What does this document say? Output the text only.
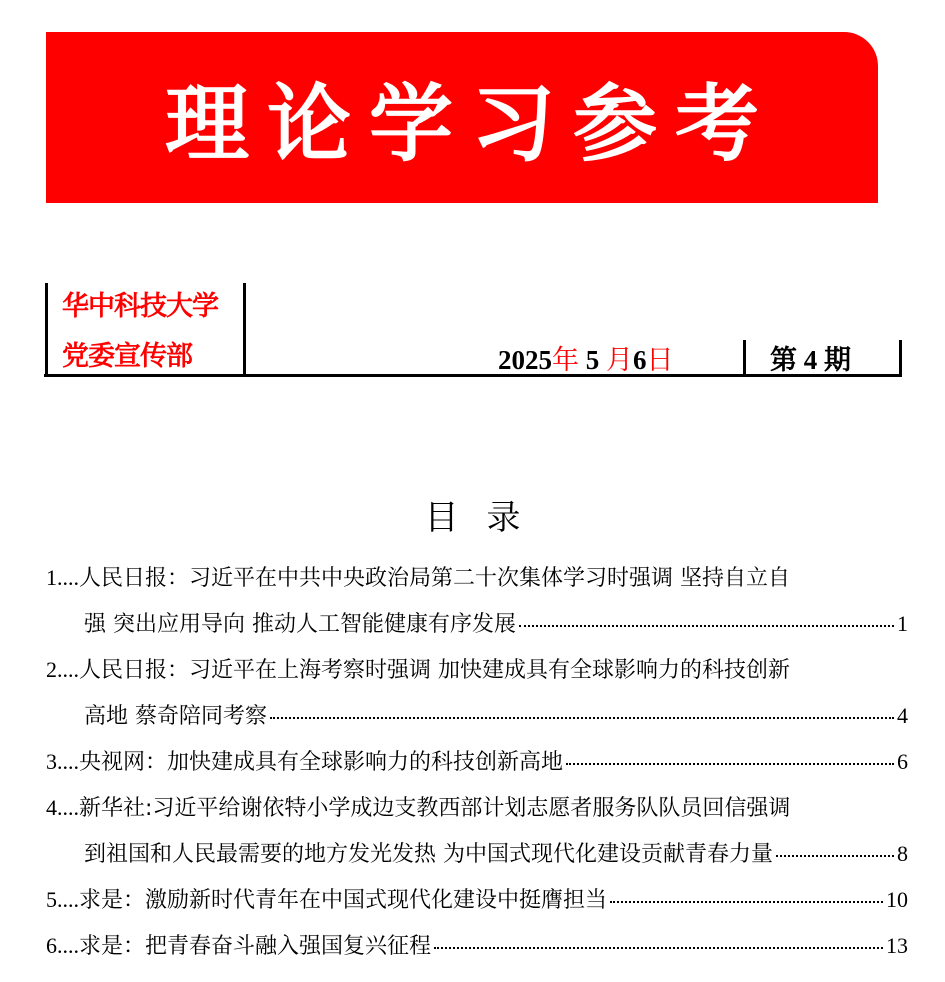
理论学习参考
华中科技大学
党委宣传部	2025年 5 月6日	第 4 期
目录
1.... 人民日报：习近平在中共中央政治局第二十次集体学习时强调 坚持自立自
强 突出应用导向 推动人工智能健康有序发展	1
2.... 人民日报：习近平在上海考察时强调 加快建成具有全球影响力的科技创新
高地 蔡奇陪同考察	4
3.... 央视网：加快建成具有全球影响力的科技创新高地	6
4.... 新华社:习近平给谢依特小学成边支教西部计划志愿者服务队队员回信强调
到祖国和人民最需要的地方发光发热 为中国式现代化建设贡献青春力量	8
5.... 求是：激励新时代青年在中国式现代化建设中挺膺担当	10
6.... 求是：把青春奋斗融入强国复兴征程	13
